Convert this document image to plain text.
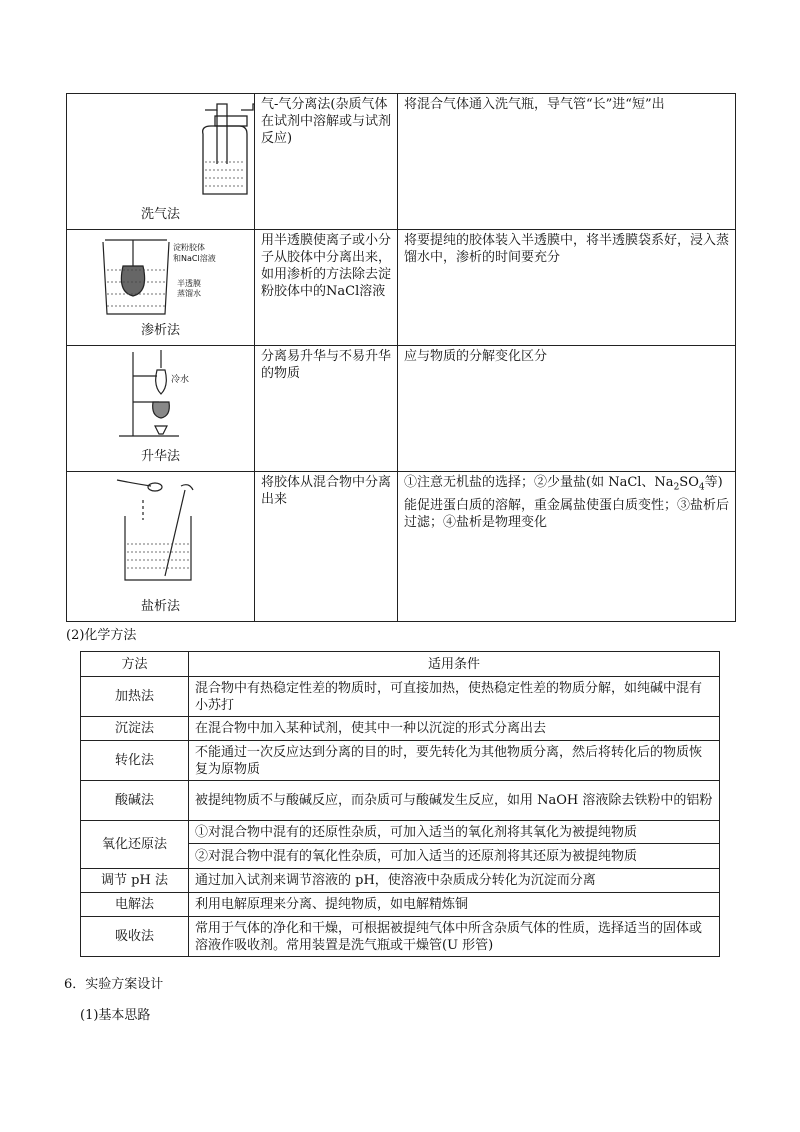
洗气法	气-气分离法(杂质气体在试剂中溶解或与试剂反应)	将混合气体通入洗气瓶，导气管“长”进“短”出

淀粉胶体
和NaCl溶液
半透膜
蒸馏水
渗析法	用半透膜使离子或小分子从胶体中分离出来，如用渗析的方法除去淀粉胶体中的NaCl溶液	将要提纯的胶体装入半透膜中，将半透膜袋系好，浸入蒸馏水中，渗析的时间要充分

冷水
升华法	分离易升华与不易升华的物质	应与物质的分解变化区分

盐析法	将胶体从混合物中分离出来	①注意无机盐的选择；②少量盐(如 NaCl、$Na_2SO_4$等)能促进蛋白质的溶解，重金属盐使蛋白质变性；③盐析后过滤；④盐析是物理变化
(2)化学方法
方法	适用条件
加热法	混合物中有热稳定性差的物质时，可直接加热，使热稳定性差的物质分解，如纯碱中混有小苏打
沉淀法	在混合物中加入某种试剂，使其中一种以沉淀的形式分离出去
转化法	不能通过一次反应达到分离的目的时，要先转化为其他物质分离，然后将转化后的物质恢复为原物质
酸碱法	被提纯物质不与酸碱反应，而杂质可与酸碱发生反应，如用 NaOH 溶液除去铁粉中的铝粉
氧化还原法	①对混合物中混有的还原性杂质，可加入适当的氧化剂将其氧化为被提纯物质
②对混合物中混有的氧化性杂质，可加入适当的还原剂将其还原为被提纯物质

调节 pH 法	通过加入试剂来调节溶液的 pH，使溶液中杂质成分转化为沉淀而分离
电解法	利用电解原理来分离、提纯物质，如电解精炼铜
吸收法	常用于气体的净化和干燥，可根据被提纯气体中所含杂质气体的性质，选择适当的固体或溶液作吸收剂。常用装置是洗气瓶或干燥管(U 形管)
6．实验方案设计
(1)基本思路
